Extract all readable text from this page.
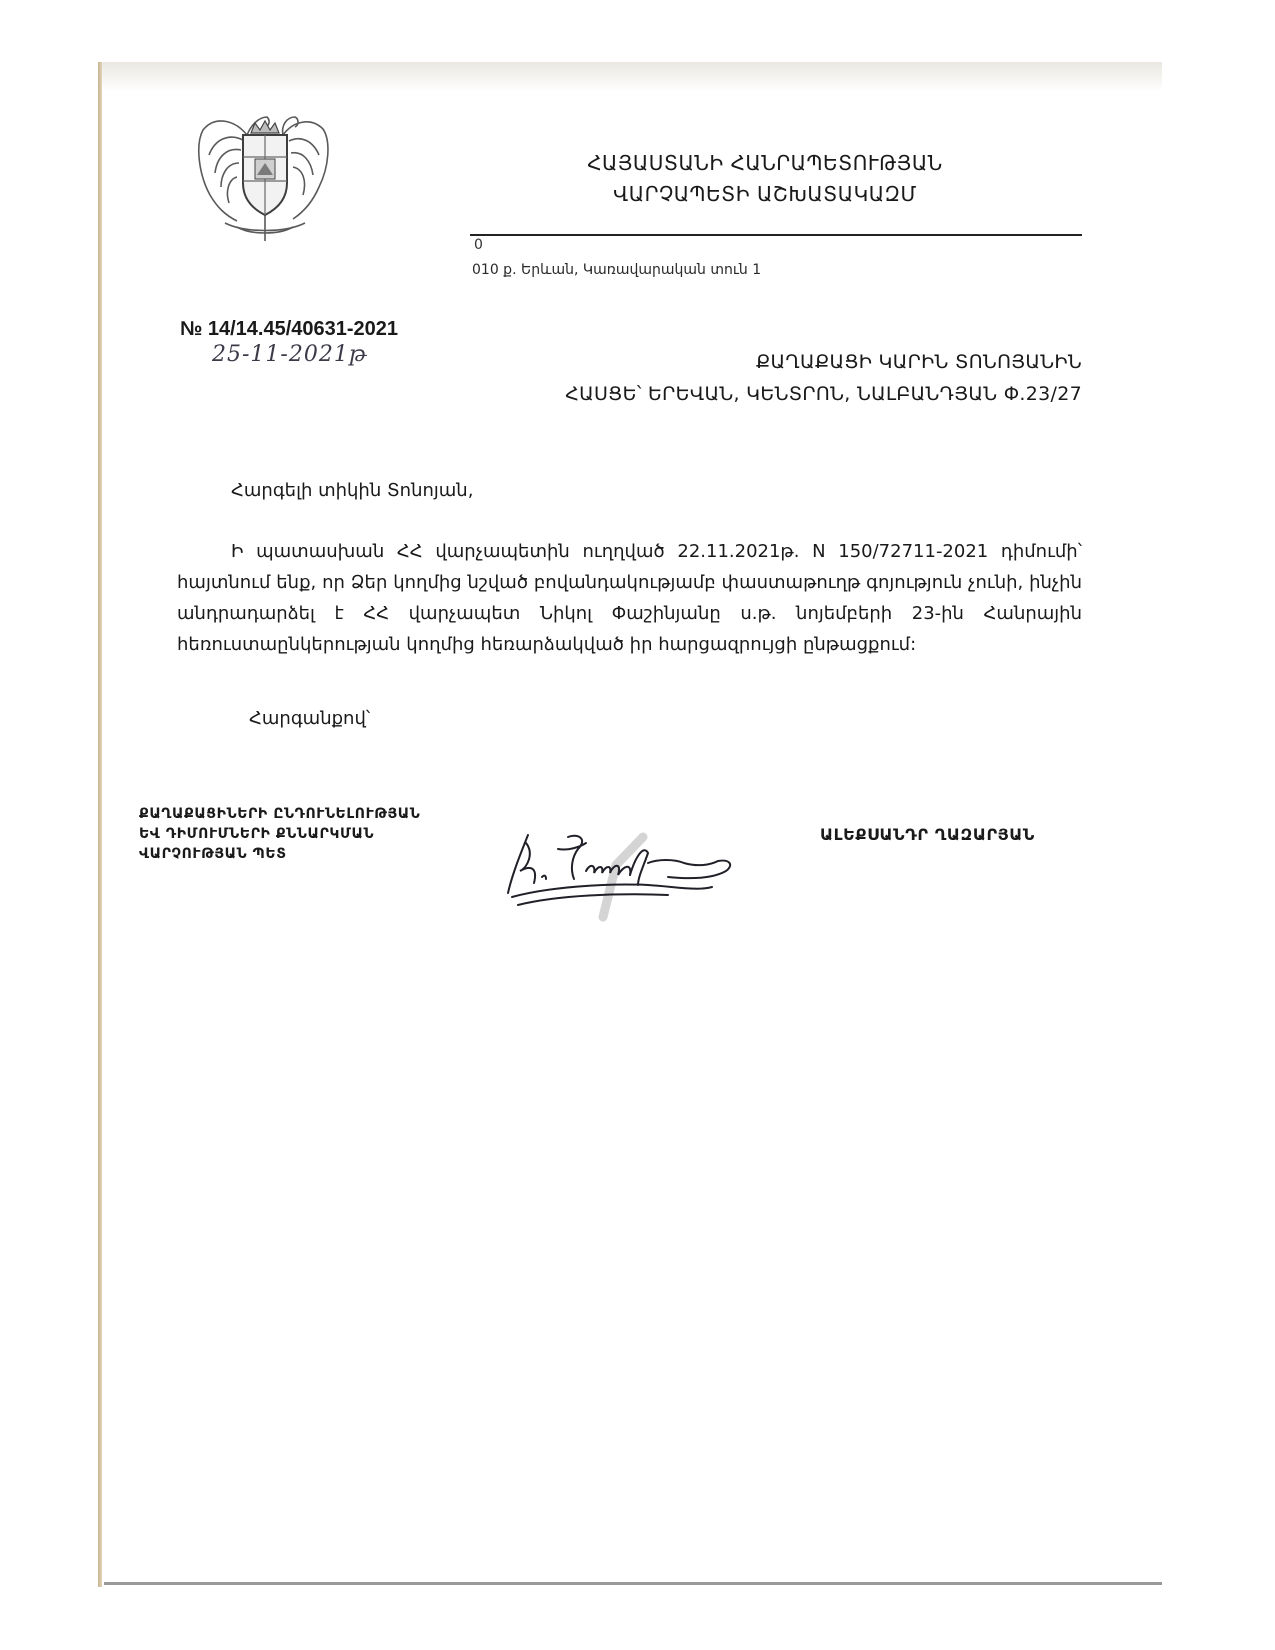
ՀԱՅԱՍՏԱՆԻ ՀԱՆՐԱՊԵՏՈՒԹՅԱՆ
ՎԱՐՉԱՊԵՏԻ ԱՇԽԱՏԱԿԱԶՄ
0
010 ք. Երևան, Կառավարական տուն 1
№ 14/14.45/40631-2021
25-11-2021թ	ՔԱՂԱՔԱՑԻ ԿԱՐԻՆ ՏՈՆՈՅԱՆԻՆ
ՀԱՍՑԵ՝ ԵՐԵՎԱՆ, ԿԵՆՏՐՈՆ, ՆԱԼԲԱՆԴՅԱՆ Փ.23/27
Հարգելի տիկին Տոնոյան,
Ի պատասխան ՀՀ վարչապետին ուղղված 22.11.2021թ. N 150/72711-2021 դիմումի՝ հայտնում ենք, որ Ձեր կողմից նշված բովանդակությամբ փաստաթուղթ գոյություն չունի, ինչին անդրադարձել է ՀՀ վարչապետ Նիկոլ Փաշինյանը ս.թ. նոյեմբերի 23-ին Հանրային հեռուստաընկերության կողմից հեռարձակված իր հարցազրույցի ընթացքում:
Հարգանքով՝
ՔԱՂԱՔԱՑԻՆԵՐԻ ԸՆԴՈՒՆԵԼՈՒԹՅԱՆ
ԵՎ ԴԻՄՈՒՄՆԵՐԻ ՔՆՆԱՐԿՄԱՆ
ՎԱՐՉՈՒԹՅԱՆ ՊԵՏ
ԱԼԵՔՍԱՆԴՐ ՂԱԶԱՐՅԱՆ
